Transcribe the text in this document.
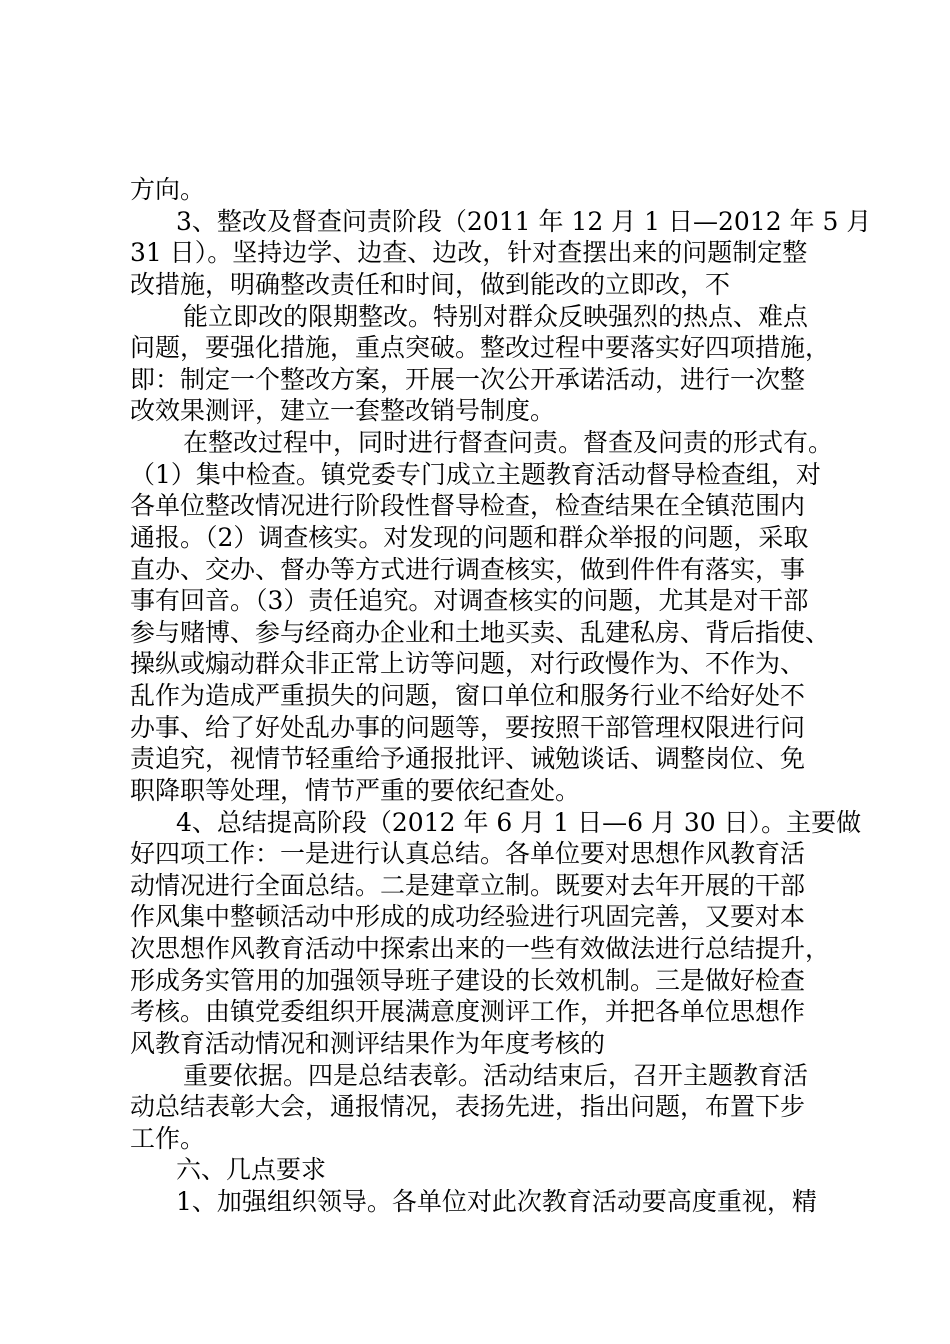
方向。
3、整改及督查问责阶段（2011 年 12 月 1 日—2012 年 5 月
31 日）。坚持边学、边查、边改，针对查摆出来的问题制定整
改措施，明确整改责任和时间，做到能改的立即改，不
能立即改的限期整改。特别对群众反映强烈的热点、难点
问题，要强化措施，重点突破。整改过程中要落实好四项措施，
即：制定一个整改方案，开展一次公开承诺活动，进行一次整
改效果测评，建立一套整改销号制度。
在整改过程中，同时进行督查问责。督查及问责的形式有。
（1）集中检查。镇党委专门成立主题教育活动督导检查组，对
各单位整改情况进行阶段性督导检查，检查结果在全镇范围内
通报。（2）调查核实。对发现的问题和群众举报的问题，采取
直办、交办、督办等方式进行调查核实，做到件件有落实，事
事有回音。（3）责任追究。对调查核实的问题，尤其是对干部
参与赌博、参与经商办企业和土地买卖、乱建私房、背后指使、
操纵或煽动群众非正常上访等问题，对行政慢作为、不作为、
乱作为造成严重损失的问题，窗口单位和服务行业不给好处不
办事、给了好处乱办事的问题等，要按照干部管理权限进行问
责追究，视情节轻重给予通报批评、诫勉谈话、调整岗位、免
职降职等处理，情节严重的要依纪查处。
4、总结提高阶段（2012 年 6 月 1 日—6 月 30 日）。主要做
好四项工作：一是进行认真总结。各单位要对思想作风教育活
动情况进行全面总结。二是建章立制。既要对去年开展的干部
作风集中整顿活动中形成的成功经验进行巩固完善，又要对本
次思想作风教育活动中探索出来的一些有效做法进行总结提升，
形成务实管用的加强领导班子建设的长效机制。三是做好检查
考核。由镇党委组织开展满意度测评工作，并把各单位思想作
风教育活动情况和测评结果作为年度考核的
重要依据。四是总结表彰。活动结束后，召开主题教育活
动总结表彰大会，通报情况，表扬先进，指出问题，布置下步
工作。
六、几点要求
1、加强组织领导。各单位对此次教育活动要高度重视，精
